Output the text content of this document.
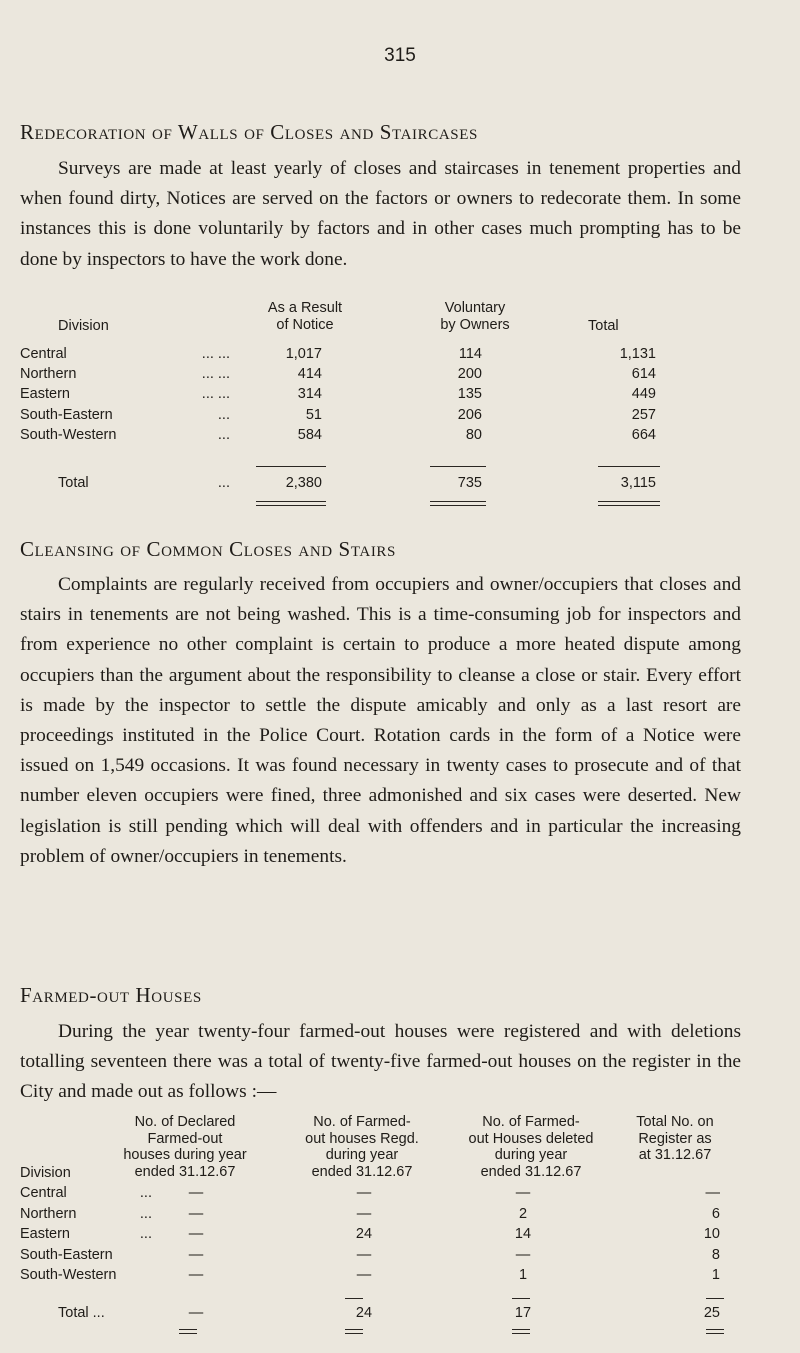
315
Redecoration of Walls of Closes and Staircases
Surveys are made at least yearly of closes and staircases in tenement properties and when found dirty, Notices are served on the factors or owners to redecorate them. In some instances this is done voluntarily by factors and in other cases much prompting has to be done by inspectors to have the work done.
Division
As a Result
of Notice
Voluntary
by Owners	Total
Central	... ...	1,017	114	1,131
Northern	... ...	414	200	614
Eastern	... ...	314	135	449
South-Eastern	...	51	206	257
South-Western	...	584	80	664
Total	...	2,380	735	3,115
Cleansing of Common Closes and Stairs
Complaints are regularly received from occupiers and owner/occupiers that closes and stairs in tenements are not being washed. This is a time-consuming job for inspectors and from experience no other complaint is certain to produce a more heated dispute among occupiers than the argument about the responsibility to cleanse a close or stair. Every effort is made by the inspector to settle the dispute amicably and only as a last resort are proceedings instituted in the Police Court. Rotation cards in the form of a Notice were issued on 1,549 occasions. It was found necessary in twenty cases to prosecute and of that number eleven occupiers were fined, three admonished and six cases were deserted. New legislation is still pending which will deal with offenders and in particular the increasing problem of owner/occupiers in tenements.
Farmed-out Houses
During the year twenty-four farmed-out houses were registered and with deletions totalling seventeen there was a total of twenty-five farmed-out houses on the register in the City and made out as follows :—
Division
No. of Declared
Farmed-out
houses during year
ended 31.12.67
No. of Farmed-
out houses Regd.
during year
ended 31.12.67
No. of Farmed-
out Houses deleted
during year
ended 31.12.67
Total No. on
Register as
at 31.12.67
Central	...	—	—	—	—
Northern	...	—	—	2	6
Eastern	...	—	24	14	10
South-Eastern	—	—	—	8
South-Western	—	—	1	1
Total ...	—	24	17	25
